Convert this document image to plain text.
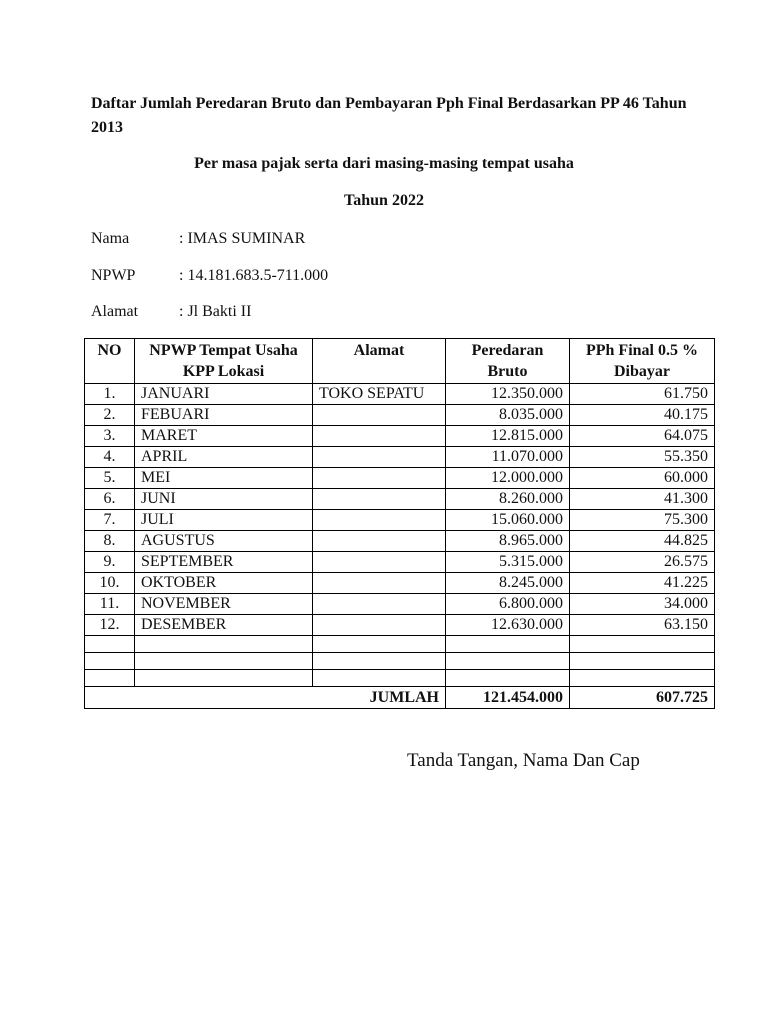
Daftar Jumlah Peredaran Bruto dan Pembayaran Pph Final Berdasarkan PP 46 Tahun 2013
Per masa pajak serta dari masing-masing tempat usaha
Tahun 2022
Nama	: IMAS SUMINAR
NPWP	: 14.181.683.5-711.000
Alamat	: Jl Bakti II
NO	NPWP Tempat Usaha KPP Lokasi	Alamat	Peredaran Bruto	PPh Final 0.5 % Dibayar
1.	JANUARI	TOKO SEPATU	12.350.000	61.750
2.	FEBUARI		8.035.000	40.175
3.	MARET		12.815.000	64.075
4.	APRIL		11.070.000	55.350
5.	MEI		12.000.000	60.000
6.	JUNI		8.260.000	41.300
7.	JULI		15.060.000	75.300
8.	AGUSTUS		8.965.000	44.825
9.	SEPTEMBER		5.315.000	26.575
10.	OKTOBER		8.245.000	41.225
11.	NOVEMBER		6.800.000	34.000
12.	DESEMBER		12.630.000	63.150

JUMLAH			121.454.000	607.725
Tanda Tangan, Nama Dan Cap
